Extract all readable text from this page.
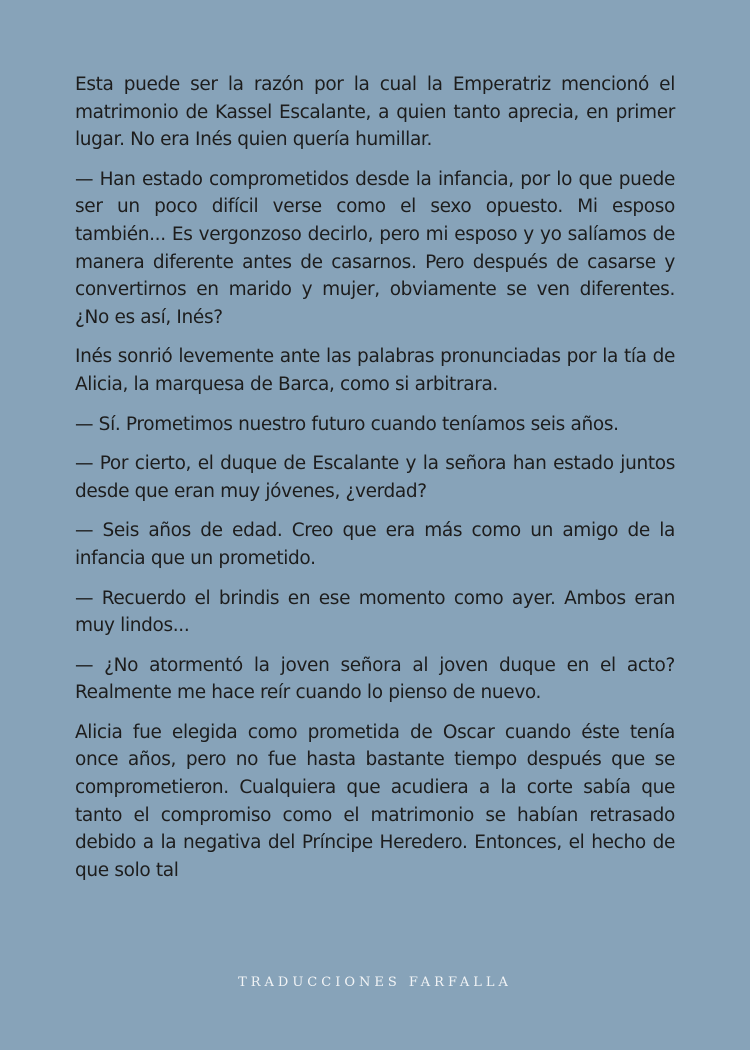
Esta puede ser la razón por la cual la Emperatriz mencionó el matrimonio de Kassel Escalante, a quien tanto aprecia, en primer lugar. No era Inés quien quería humillar.

— Han estado comprometidos desde la infancia, por lo que puede ser un poco difícil verse como el sexo opuesto. Mi esposo también... Es vergonzoso decirlo, pero mi esposo y yo salíamos de manera diferente antes de casarnos. Pero después de casarse y convertirnos en marido y mujer, obviamente se ven diferentes. ¿No es así, Inés?

Inés sonrió levemente ante las palabras pronunciadas por la tía de Alicia, la marquesa de Barca, como si arbitrara.

— Sí. Prometimos nuestro futuro cuando teníamos seis años.

— Por cierto, el duque de Escalante y la señora han estado juntos desde que eran muy jóvenes, ¿verdad?

— Seis años de edad. Creo que era más como un amigo de la infancia que un prometido.

— Recuerdo el brindis en ese momento como ayer. Ambos eran muy lindos...

— ¿No atormentó la joven señora al joven duque en el acto? Realmente me hace reír cuando lo pienso de nuevo.

Alicia fue elegida como prometida de Oscar cuando éste tenía once años, pero no fue hasta bastante tiempo después que se comprometieron. Cualquiera que acudiera a la corte sabía que tanto el compromiso como el matrimonio se habían retrasado debido a la negativa del Príncipe Heredero. Entonces, el hecho de que solo tal

TRADUCCIONES FARFALLA
